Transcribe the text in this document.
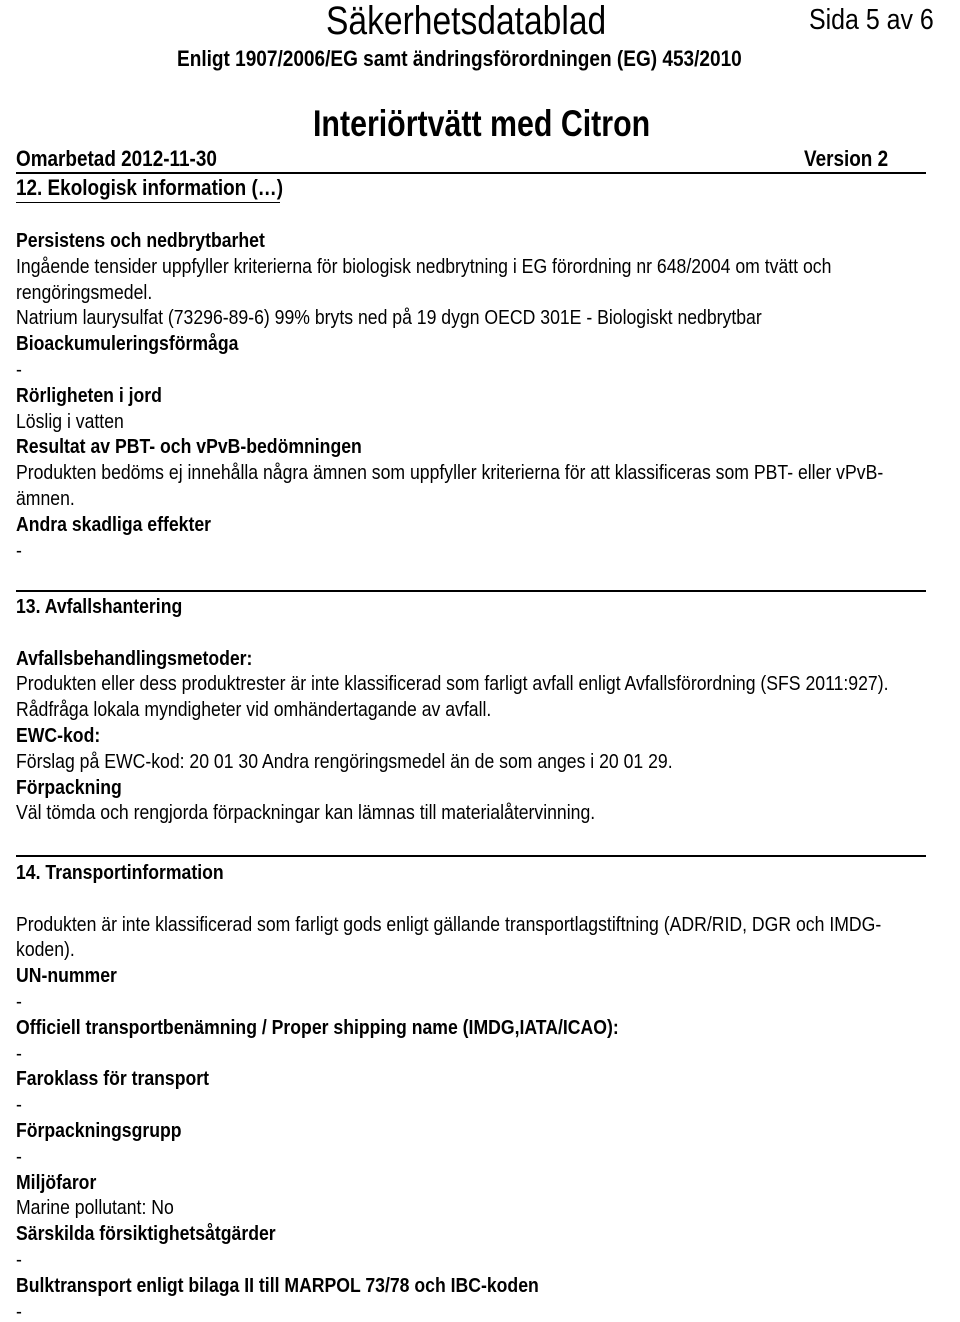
Säkerhetsdatablad	Sida 5 av 6
Enligt 1907/2006/EG samt ändringsförordningen (EG) 453/2010
Interiörtvätt med Citron
Omarbetad 2012-11-30	Version 2
12. Ekologisk information (…)
Persistens och nedbrytbarhet
Ingående tensider uppfyller kriterierna för biologisk nedbrytning i EG förordning nr 648/2004 om tvätt och
rengöringsmedel.
Natrium laurysulfat (73296-89-6) 99% bryts ned på 19 dygn OECD 301E - Biologiskt nedbrytbar
Bioackumuleringsförmåga
-
Rörligheten i jord
Löslig i vatten
Resultat av PBT- och vPvB-bedömningen
Produkten bedöms ej innehålla några ämnen som uppfyller kriterierna för att klassificeras som PBT- eller vPvB-
ämnen.
Andra skadliga effekter
-
13. Avfallshantering
Avfallsbehandlingsmetoder:
Produkten eller dess produktrester är inte klassificerad som farligt avfall enligt Avfallsförordning (SFS 2011:927).
Rådfråga lokala myndigheter vid omhändertagande av avfall.
EWC-kod:
Förslag på EWC-kod: 20 01 30 Andra rengöringsmedel än de som anges i 20 01 29.
Förpackning
Väl tömda och rengjorda förpackningar kan lämnas till materialåtervinning.
14. Transportinformation
Produkten är inte klassificerad som farligt gods enligt gällande transportlagstiftning (ADR/RID, DGR och IMDG-
koden).
UN-nummer
-
Officiell transportbenämning / Proper shipping name (IMDG,IATA/ICAO):
-
Faroklass för transport
-
Förpackningsgrupp
-
Miljöfaror
Marine pollutant: No
Särskilda försiktighetsåtgärder
-
Bulktransport enligt bilaga II till MARPOL 73/78 och IBC-koden
-
